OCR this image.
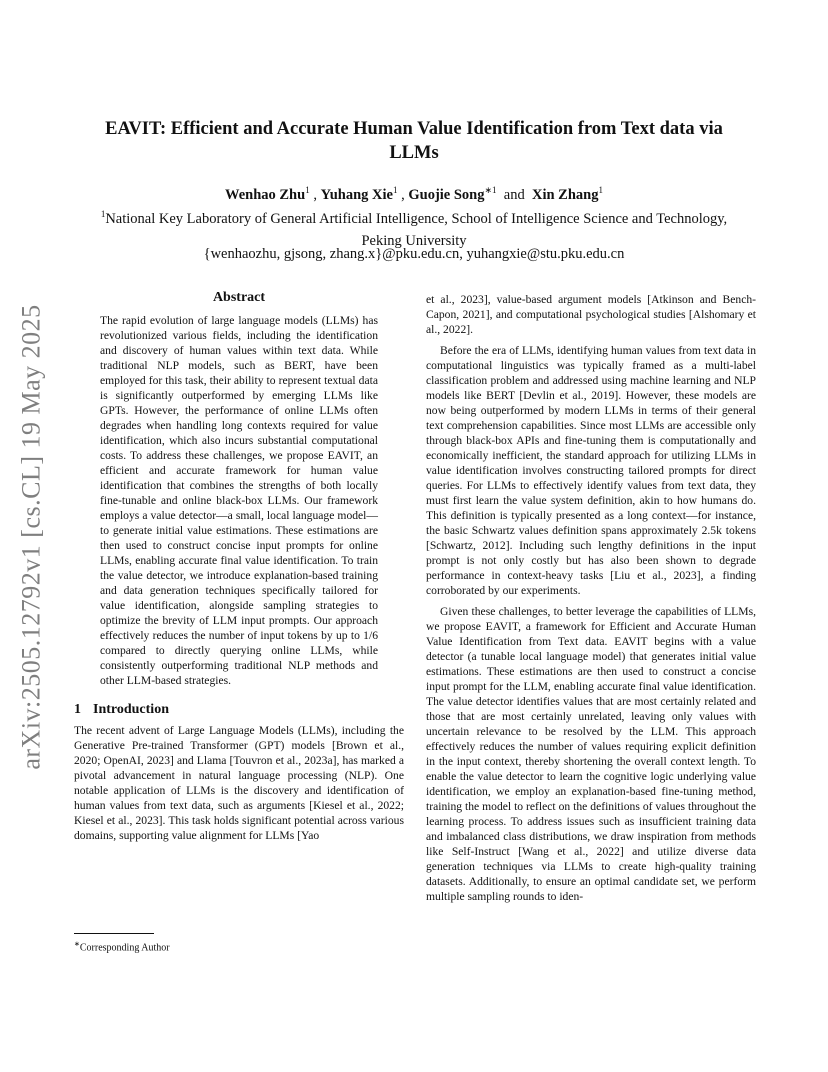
arXiv:2505.12792v1 [cs.CL] 19 May 2025
EAVIT: Efficient and Accurate Human Value Identification from Text data via LLMs
Wenhao Zhu$^1$ , Yuhang Xie$^1$ , Guojie Song$^{∗1}$ and Xin Zhang$^1$
$^1$National Key Laboratory of General Artificial Intelligence, School of Intelligence Science and Technology, Peking University
{wenhaozhu, gjsong, zhang.x}@pku.edu.cn, yuhangxie@stu.pku.edu.cn
Abstract

The rapid evolution of large language models (LLMs) has revolutionized various fields, including the identification and discovery of human values within text data. While traditional NLP models, such as BERT, have been employed for this task, their ability to represent textual data is significantly outperformed by emerging LLMs like GPTs. However, the performance of online LLMs often degrades when handling long contexts required for value identification, which also incurs substantial computational costs. To address these challenges, we propose EAVIT, an efficient and accurate framework for human value identification that combines the strengths of both locally fine-tunable and online black-box LLMs. Our framework employs a value detector—a small, local language model—to generate initial value estimations. These estimations are then used to construct concise input prompts for online LLMs, enabling accurate final value identification. To train the value detector, we introduce explanation-based training and data generation techniques specifically tailored for value identification, alongside sampling strategies to optimize the brevity of LLM input prompts. Our approach effectively reduces the number of input tokens by up to 1/6 compared to directly querying online LLMs, while consistently outperforming traditional NLP methods and other LLM-based strategies.

1 Introduction

The recent advent of Large Language Models (LLMs), including the Generative Pre-trained Transformer (GPT) models [Brown et al., 2020; OpenAI, 2023] and Llama [Touvron et al., 2023a], has marked a pivotal advancement in natural language processing (NLP). One notable application of LLMs is the discovery and identification of human values from text data, such as arguments [Kiesel et al., 2022; Kiesel et al., 2023]. This task holds significant potential across various domains, supporting value alignment for LLMs [Yao

et al., 2023], value-based argument models [Atkinson and Bench-Capon, 2021], and computational psychological studies [Alshomary et al., 2022].

Before the era of LLMs, identifying human values from text data in computational linguistics was typically framed as a multi-label classification problem and addressed using machine learning and NLP models like BERT [Devlin et al., 2019]. However, these models are now being outperformed by modern LLMs in terms of their general text comprehension capabilities. Since most LLMs are accessible only through black-box APIs and fine-tuning them is computationally and economically inefficient, the standard approach for utilizing LLMs in value identification involves constructing tailored prompts for direct queries. For LLMs to effectively identify values from text data, they must first learn the value system definition, akin to how humans do. This definition is typically presented as a long context—for instance, the basic Schwartz values definition spans approximately 2.5k tokens [Schwartz, 2012]. Including such lengthy definitions in the input prompt is not only costly but has also been shown to degrade performance in context-heavy tasks [Liu et al., 2023], a finding corroborated by our experiments.

Given these challenges, to better leverage the capabilities of LLMs, we propose EAVIT, a framework for Efficient and Accurate Human Value Identification from Text data. EAVIT begins with a value detector (a tunable local language model) that generates initial value estimations. These estimations are then used to construct a concise input prompt for the LLM, enabling accurate final value identification. The value detector identifies values that are most certainly related and those that are most certainly unrelated, leaving only values with uncertain relevance to be resolved by the LLM. This approach effectively reduces the number of values requiring explicit definition in the input context, thereby shortening the overall context length. To enable the value detector to learn the cognitive logic underlying value identification, we employ an explanation-based fine-tuning method, training the model to reflect on the definitions of values throughout the learning process. To address issues such as insufficient training data and imbalanced class distributions, we draw inspiration from methods like Self-Instruct [Wang et al., 2022] and utilize diverse data generation techniques via LLMs to create high-quality training datasets. Additionally, to ensure an optimal candidate set, we perform multiple sampling rounds to iden-

∗Corresponding Author
